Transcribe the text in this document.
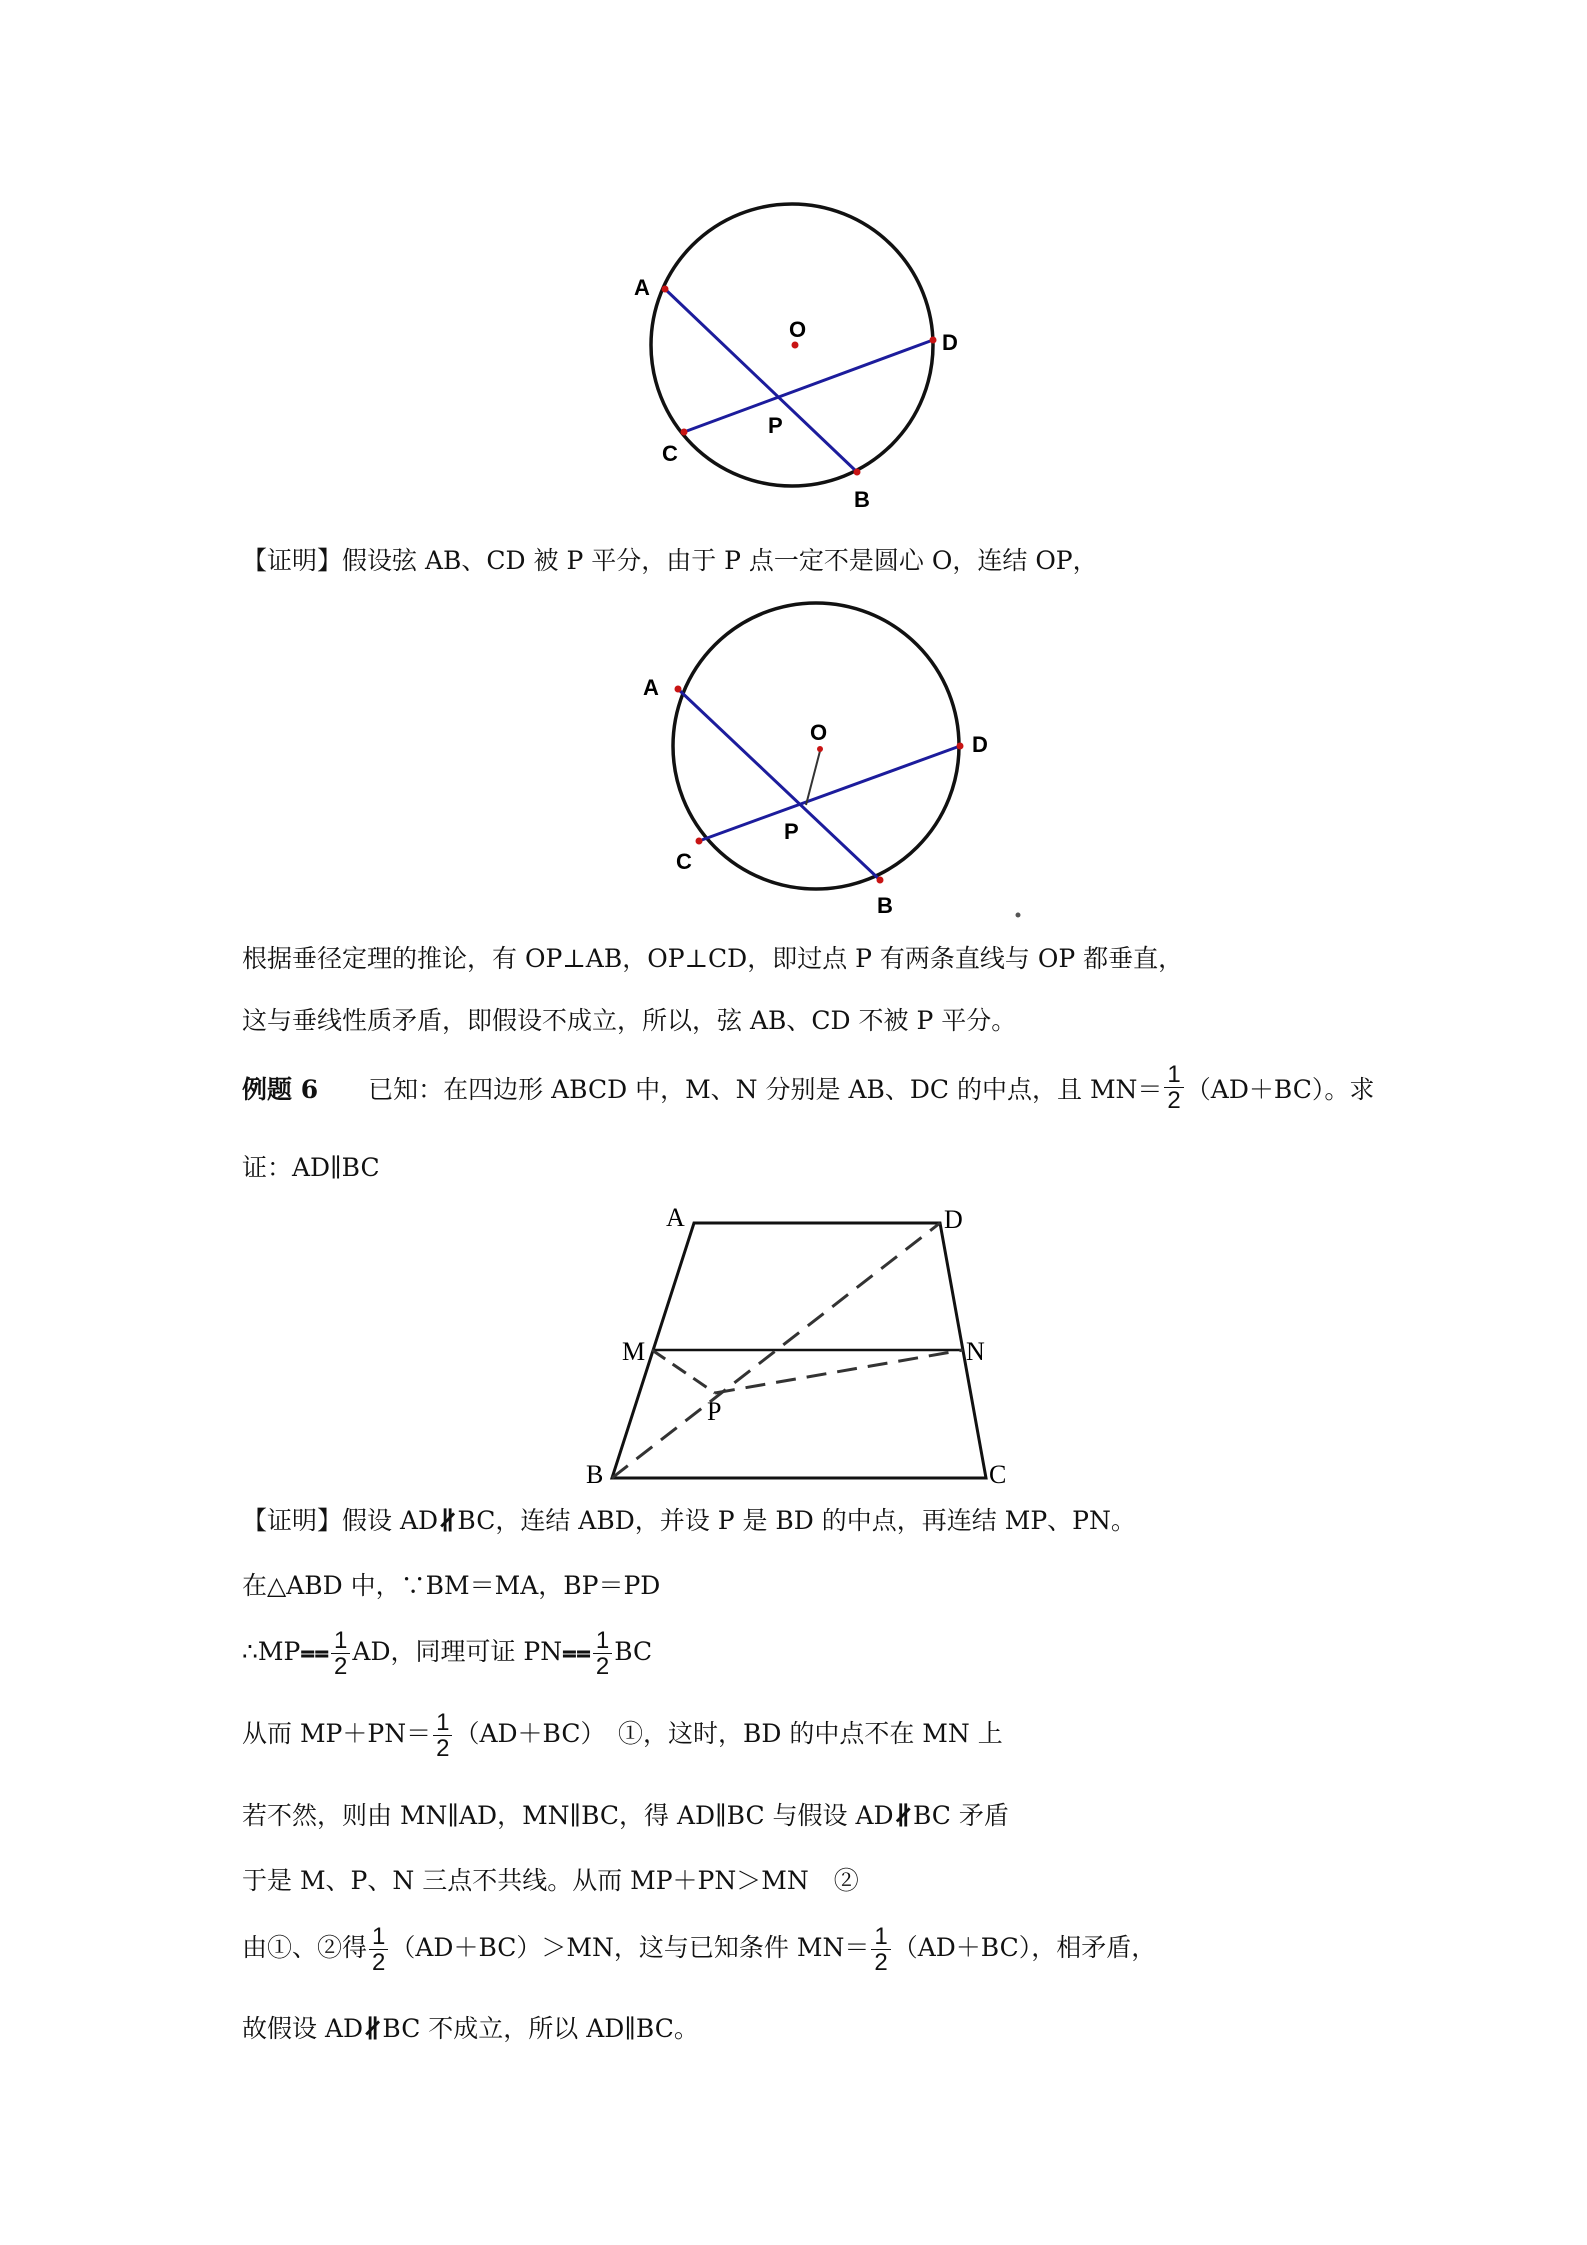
A
O
D
P
C
B
【证明】假设弦 AB、CD 被 P 平分，由于 P 点一定不是圆心 O，连结 OP，
A
O	D
P
C
B
根据垂径定理的推论，有 OP⊥AB，OP⊥CD，即过点 P 有两条直线与 OP 都垂直，
这与垂线性质矛盾，即假设不成立，所以，弦 AB、CD 不被 P 平分。
例题 6　　 已知：在四边形 ABCD 中，M、N 分别是 AB、DC 的中点，且 $MN= \frac{1}{2} (AD+BC)$。求
证：AD∥BC
A	D
M	N
P
B	C
【证明】假设 AD∦BC，连结 ABD，并设 P 是 BD 的中点，再连结 MP、PN。
在△ABD 中，∵BM＝MA，BP＝PD
∴MP⩵ $\frac{1}{2}$ AD，同理可证 PN⩵ $\frac{1}{2}$ BC
从而 $MP+PN= \frac{1}{2} (AD+BC)$　①，这时，BD 的中点不在 MN 上
若不然，则由 MN∥AD，MN∥BC，得 AD∥BC 与假设 AD∦BC 矛盾
于是 M、P、N 三点不共线。从而 MP＋PN＞MN　②
由①、②得 $\frac{1}{2} (AD+BC)>MN$，这与已知条件 $MN= \frac{1}{2} (AD+BC)$，相矛盾，
故假设 AD∦BC 不成立，所以 AD∥BC。
